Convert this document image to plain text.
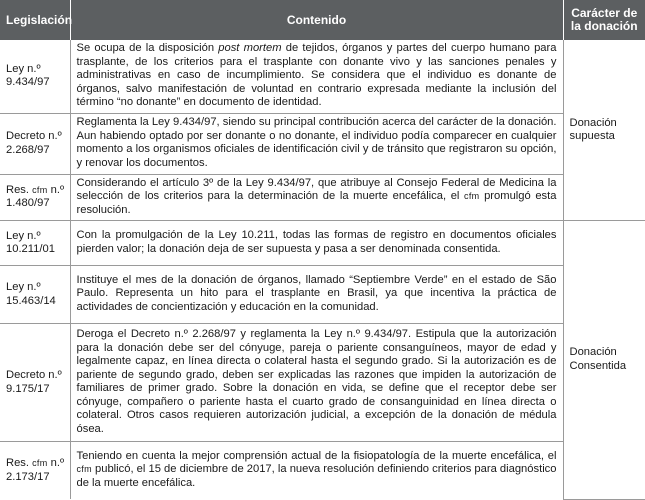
Legislación	Contenido	Carácter de la donación
Ley n.º 9.434/97	Se ocupa de la disposición post mortem de tejidos, órganos y partes del cuerpo humano para trasplante, de los criterios para el trasplante con donante vivo y las sanciones penales y administrativas en caso de incumplimiento. Se considera que el individuo es donante de órganos, salvo manifestación de voluntad en contrario expresada mediante la inclusión del término “no donante” en documento de identidad.	Donación supuesta
Decreto n.º 2.268/97	Reglamenta la Ley 9.434/97, siendo su principal contribución acerca del carácter de la donación. Aun habiendo optado por ser donante o no donante, el individuo podía comparecer en cualquier momento a los organismos oficiales de identificación civil y de tránsito que registraron su opción, y renovar los documentos.	
Res. cfm n.º 1.480/97	Considerando el artículo 3º de la Ley 9.434/97, que atribuye al Consejo Federal de Medicina la selección de los criterios para la determinación de la muerte encefálica, el cfm promulgó esta resolución.	
Ley n.º 10.211/01	Con la promulgación de la Ley 10.211, todas las formas de registro en documentos oficiales pierden valor; la donación deja de ser supuesta y pasa a ser denominada consentida.	Donación Consentida
Ley n.º 15.463/14	Instituye el mes de la donación de órganos, llamado “Septiembre Verde” en el estado de São Paulo. Representa un hito para el trasplante en Brasil, ya que incentiva la práctica de actividades de concientización y educación en la comunidad.	
Decreto n.º 9.175/17	Deroga el Decreto n.º 2.268/97 y reglamenta la Ley n.º 9.434/97. Estipula que la autorización para la donación debe ser del cónyuge, pareja o pariente consanguíneos, mayor de edad y legalmente capaz, en línea directa o colateral hasta el segundo grado. Si la autorización es de pariente de segundo grado, deben ser explicadas las razones que impiden la autorización de familiares de primer grado. Sobre la donación en vida, se define que el receptor debe ser cónyuge, compañero o pariente hasta el cuarto grado de consanguinidad en línea directa o colateral. Otros casos requieren autorización judicial, a excepción de la donación de médula ósea.	
Res. cfm n.º 2.173/17	Teniendo en cuenta la mejor comprensión actual de la fisiopatología de la muerte encefálica, el cfm publicó, el 15 de diciembre de 2017, la nueva resolución definiendo criterios para diagnóstico de la muerte encefálica.	
